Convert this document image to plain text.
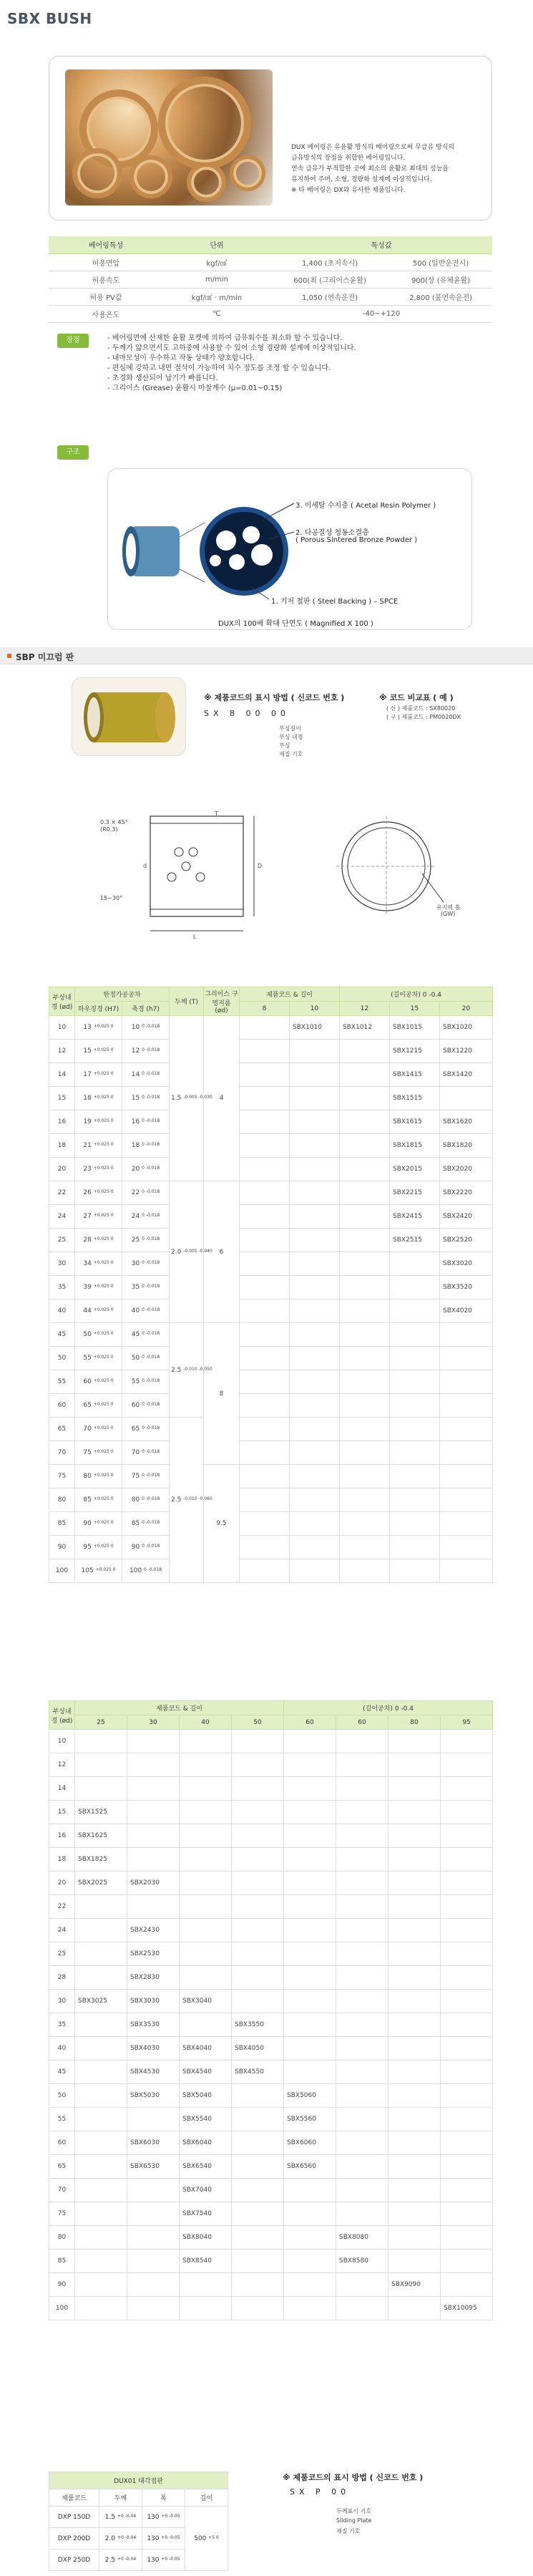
SBX BUSH

DUX 베어링은 유윤활 방식의 베어링으로써 무급유 방식의

금유방식의 장점을 취합한 베어링입니다.

연속 급유가 부적합한 곳에 최소의 윤활로 최대의 성능을

유지하여 주며, 소형, 경량화 설계에 이상적입니다.

※ 타 베어링은 DX와 유사한 제품입니다.

베어링특성	단위	특성값	
허용면압	kgf/㎠	1,400 (초저속시)	500 (일반운전시)
허용속도	m/min	600(최 (그리이스윤활)	900(상 (유체윤활)
허용 PV값	kgf/㎠ · m/min	1,050 (연속운전)	2,800 (불연속운전)
사용온도	℃	-40~+120	
장점	- 베어링면에 산재한 윤활 포켓에 의하여 급유회수를 최소화 할 수 있습니다.

- 두께가 얇으면서도 고하중에 사용할 수 있어 소형 경량화 설계에 이상적입니다.

- 내마모성이 우수하고 작동 상태가 양호합니다.

- 편심에 강하고 내면 절삭이 가능하여 치수 정도를 조정 할 수 있습니다.

- 초경화 생산되어 납기가 빠릅니다.

- 그리이스 (Grease) 윤활시 마찰계수 (μ=0.01~0.15)

구조
3. 이세탈 수지층 ( Acetal Resin Polymer )
2. 다공질성 청동소결층
( Porous Sintered Bronze Powder )
1. 기저 철판 ( Steel Backing ) – SPCE
DUX의 100배 확대 단면도 ( Magnified X 100 )
SBP 미끄럼 판
※ 제품코드의 표시 방법 ( 신코드 번호 )
SX 8 00 00
부싱길이
부싱 내경
부싱
제질 기호
※ 코드 비교표 ( 예 )
( 신 ) 제품코드 : SX80020
( 구 ) 제품코드 : PM0020DX
0.3 × 45°
(R0.3)
15~30°
T
L
D
d
유지력 홈
(GW)
부싱내경 (ød)	한정가공공차		두께 (T)	그리이스 구멍지름 (ød)	제품코드 & 길이		(길이공차) 0 -0.4		
	하우징경 (H7)	축경 (h7)			8	10	12	15	20
10	13 +0.025 0	10 0 -0.018	1.5 -0.005 -0.030	4		SBX1010	SBX1012	SBX1015	SBX1020
12	15 +0.025 0	12 0 -0.018						SBX1215	SBX1220
14	17 +0.025 0	14 0 -0.018						SBX1415	SBX1420
15	18 +0.025 0	15 0 -0.018						SBX1515	
16	19 +0.025 0	16 0 -0.018						SBX1615	SBX1620
18	21 +0.025 0	18 0 -0.018						SBX1815	SBX1820
20	23 +0.025 0	20 0 -0.018						SBX2015	SBX2020
22	26 +0.025 0	22 0 -0.018	2.0 -0.005 -0.040	6				SBX2215	SBX2220
24	27 +0.025 0	24 0 -0.018						SBX2415	SBX2420
25	28 +0.025 0	25 0 -0.018						SBX2515	SBX2520
30	34 +0.025 0	30 0 -0.018							SBX3020
35	39 +0.025 0	35 0 -0.018							SBX3520
40	44 +0.025 0	40 0 -0.018							SBX4020
45	50 +0.025 0	45 0 -0.018	2.5 -0.010 -0.050	8					
50	55 +0.025 0	50 0 -0.018							
55	60 +0.025 0	55 0 -0.018							
60	65 +0.025 0	60 0 -0.018							
65	70 +0.025 0	65 0 -0.018	2.5 -0.010 -0.060						
70	75 +0.025 0	70 0 -0.018							
75	80 +0.025 0	75 0 -0.018		9.5					
80	85 +0.025 0	80 0 -0.018							
85	90 +0.025 0	85 0 -0.018							
90	95 +0.025 0	90 0 -0.018							
100	105 +0.025 0	100 0 -0.018							
부싱내경 (ød)	제품코드 & 길이				(길이공차) 0 -0.4			
	25	30	40	50	60	60	80	95
10								
12								
14								
15	SBX1525							
16	SBX1625							
18	SBX1825							
20	SBX2025	SBX2030						
22								
24		SBX2430						
25		SBX2530						
28		SBX2830						
30	SBX3025	SBX3030	SBX3040					
35		SBX3530		SBX3550				
40		SBX4030	SBX4040	SBX4050				
45		SBX4530	SBX4540	SBX4550				
50		SBX5030	SBX5040		SBX5060			
55			SBX5540		SBX5560			
60		SBX6030	SBX6040		SBX6060			
65		SBX6530	SBX6540		SBX6560			
70			SBX7040					
75			SBX7540					
80			SBX8040			SBX8080		
85			SBX8540			SBX8580		
90							SBX9090	
100								SBX10095
DUX01 대각접판			
제품코드	두께	폭	길이
DXP 150D	1.5 +0 -0.04	130 +0 -0.05	500 +5 0
DXP 200D	2.0 +0 -0.04	130 +0 -0.05	
DXP 250D	2.5 +0 -0.04	130 +0 -0.05	
※ 제품코드의 표시 방법 ( 신코드 번호 )
SX P 00
두께표시 기호
Sliding Plate
재질 기호
